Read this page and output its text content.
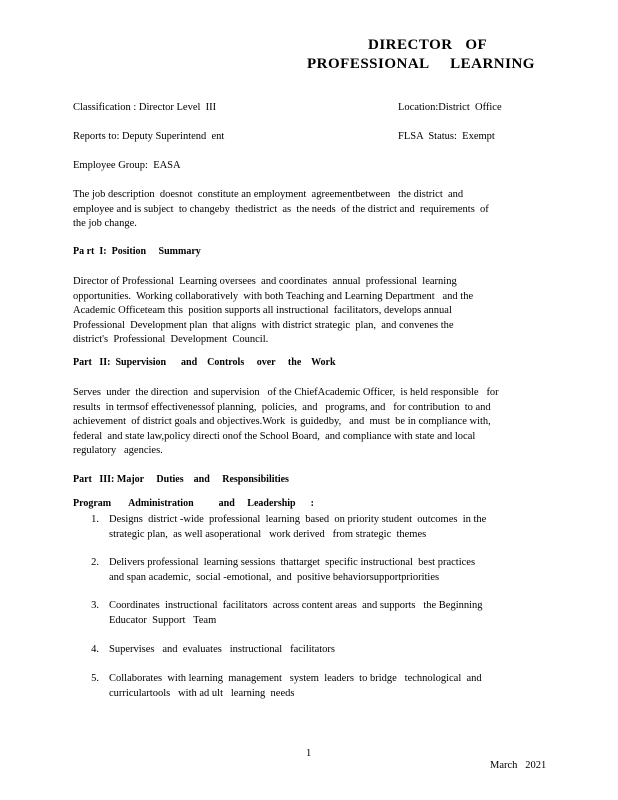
DIRECTOR   OF
PROFESSIONAL     LEARNING
Classification : Director Level  III	Location:District  Office
Reports to: Deputy Superintend  ent	FLSA  Status:  Exempt
Employee Group:  EASA
The job description  doesnot  constitute an employment  agreementbetween   the district  and
employee and is subject  to changeby  thedistrict  as  the needs  of the district and  requirements  of
the job change.
Pa rt  I:  Position     Summary
Director of Professional  Learning oversees  and coordinates  annual  professional  learning
opportunities.  Working collaboratively  with both Teaching and Learning Department   and the
Academic Officeteam this  position supports all instructional  facilitators, develops annual
Professional  Development plan  that aligns  with district strategic  plan,  and convenes the
district's  Professional  Development  Council.
Part   II:  Supervision      and    Controls     over     the    Work
Serves  under  the direction  and supervision   of the ChiefAcademic Officer,  is held responsible   for
results  in termsof effectivenessof planning,  policies,  and   programs, and   for contribution  to and
achievement  of district goals and objectives.Work  is guidedby,   and  must  be in compliance with,
federal  and state law,policy directi onof the School Board,  and compliance with state and local
regulatory   agencies.
Part   III: Major     Duties    and     Responsibilities
Program       Administration          and     Leadership      :
1. Designs  district -wide  professional  learning  based  on priority student  outcomes  in the
strategic plan,  as well asoperational   work derived   from strategic  themes
2. Delivers professional  learning sessions  thattarget  specific instructional  best practices
and span academic,  social -emotional,  and  positive behaviorsupportpriorities
3. Coordinates  instructional  facilitators  across content areas  and supports   the Beginning
Educator  Support   Team
4. Supervises   and  evaluates   instructional   facilitators
5. Collaborates  with learning  management   system  leaders  to bridge   technological  and
curriculartools   with ad ult   learning  needs
1
March   2021
